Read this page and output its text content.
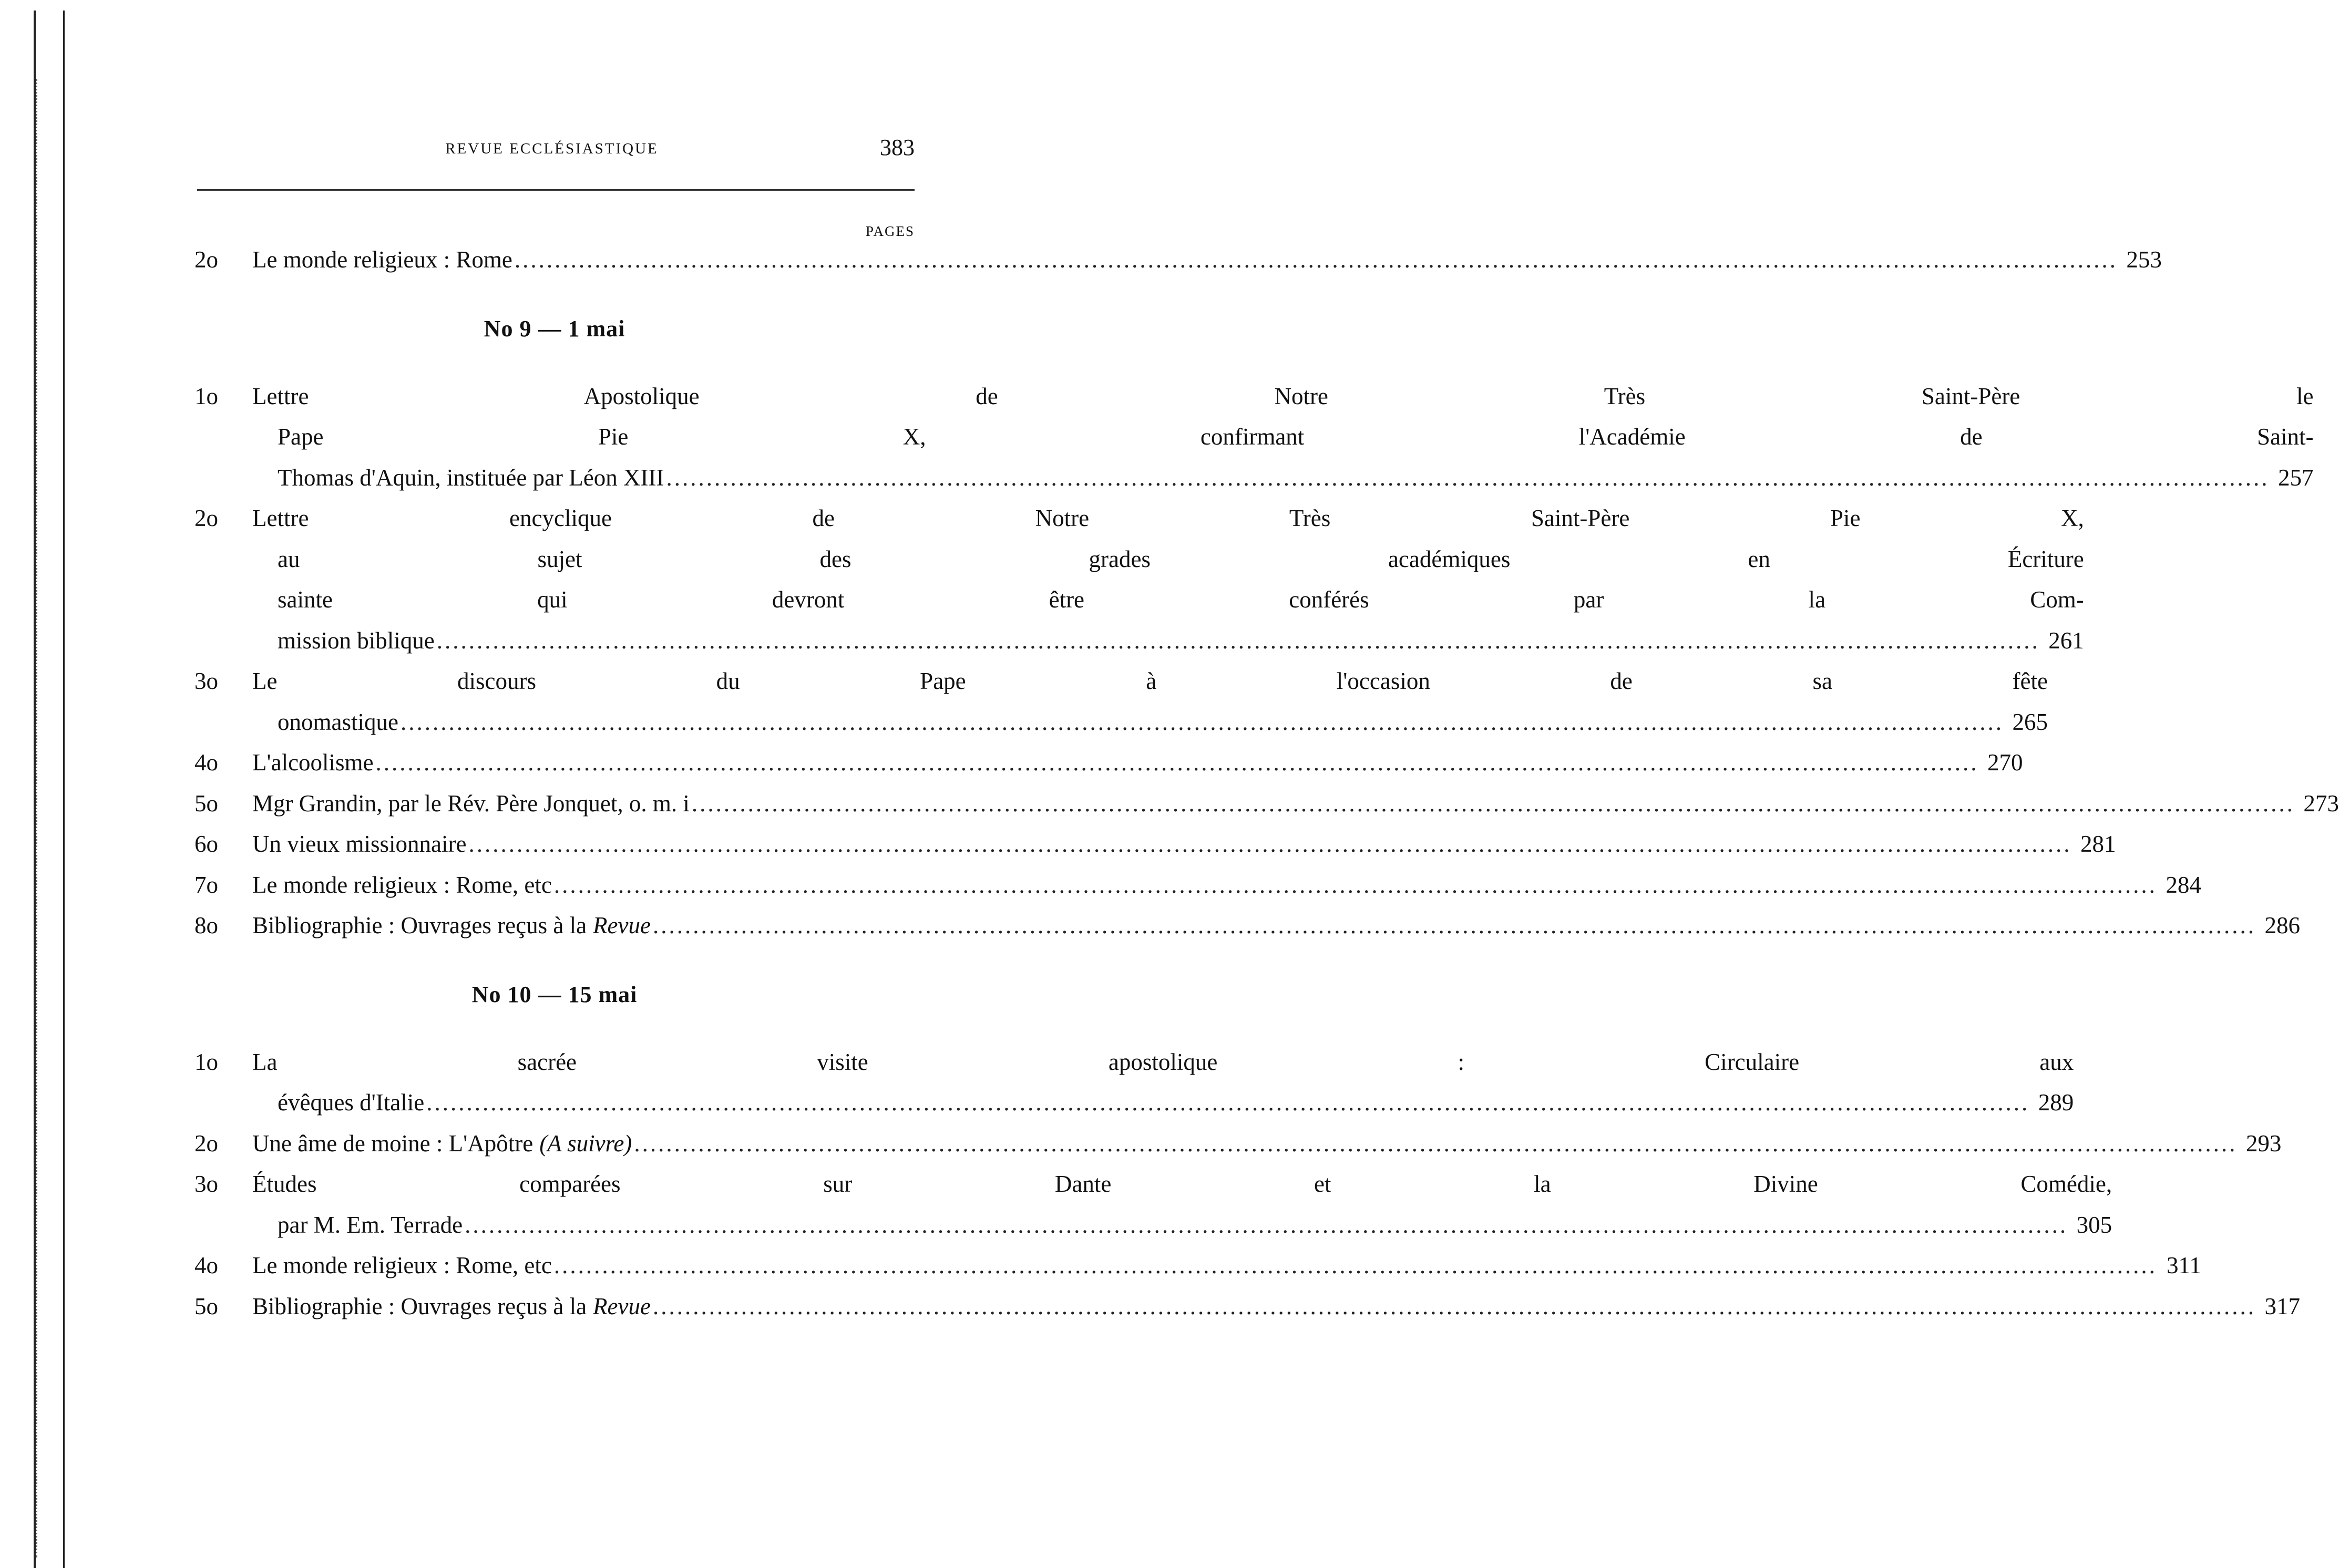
REVUE ECCLÉSIASTIQUE	383
PAGES
2o	Le monde religieux : Rome ........................................................................................................................................................................................................ 253
No 9 — 1 mai
1o	Lettre Apostolique de Notre Très Saint-Père le
Pape Pie X, confirmant l'Académie de Saint-
Thomas d'Aquin, instituée par Léon XIII ........................................................................................................................................................................................................ 257
2o	Lettre encyclique de Notre Très Saint-Père Pie X,
au sujet des grades académiques en Écriture
sainte qui devront être conférés par la Com-
mission biblique ........................................................................................................................................................................................................ 261
3o	Le discours du Pape à l'occasion de sa fête
onomastique ........................................................................................................................................................................................................ 265
4o	L'alcoolisme ........................................................................................................................................................................................................ 270
5o	Mgr Grandin, par le Rév. Père Jonquet, o. m. i ........................................................................................................................................................................................................ 273
6o	Un vieux missionnaire ........................................................................................................................................................................................................ 281
7o	Le monde religieux : Rome, etc ........................................................................................................................................................................................................ 284
8o	Bibliographie : Ouvrages reçus à la Revue ........................................................................................................................................................................................................ 286
No 10 — 15 mai
1o	La sacrée visite apostolique : Circulaire aux
évêques d'Italie ........................................................................................................................................................................................................ 289
2o	Une âme de moine : L'Apôtre (A suivre) ........................................................................................................................................................................................................ 293
3o	Études comparées sur Dante et la Divine Comédie,
par M. Em. Terrade ........................................................................................................................................................................................................ 305
4o	Le monde religieux : Rome, etc ........................................................................................................................................................................................................ 311
5o	Bibliographie : Ouvrages reçus à la Revue ........................................................................................................................................................................................................ 317
